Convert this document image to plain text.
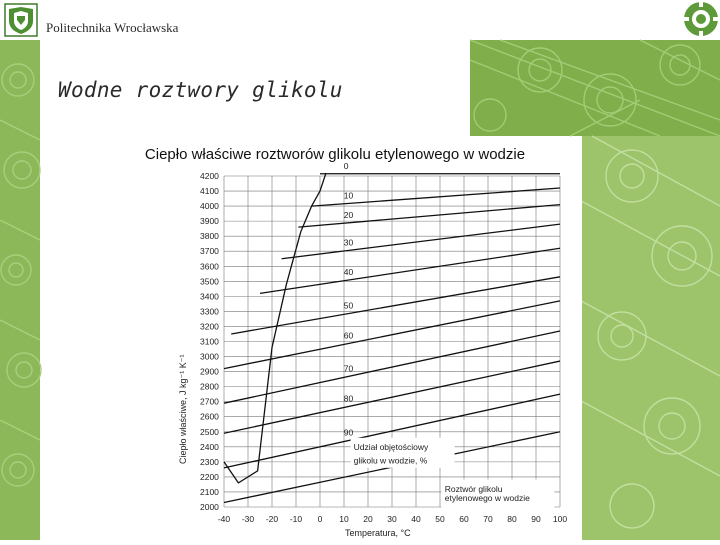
Politechnika Wrocławska
Wodne roztwory glikolu
Ciepło właściwe roztworów glikolu etylenowego w wodzie
4200
4100
4000
3900
3800
3700
3600
3500
3400
3300
3200
3100
3000
2900
2800
2700
2600
2500
2400
2300
2200
2100
2000
-40 -30 -20 -10 0 10 20 30 40 50 60 70 80 90 100
0
10
20
30
40
50
60
70
80
90
Udział objętościowy
glikolu w wodzie, %
Roztwór glikolu
etylenowego w wodzie
Ciepło właściwe, J kg⁻¹ K⁻¹
Temperatura, °C
